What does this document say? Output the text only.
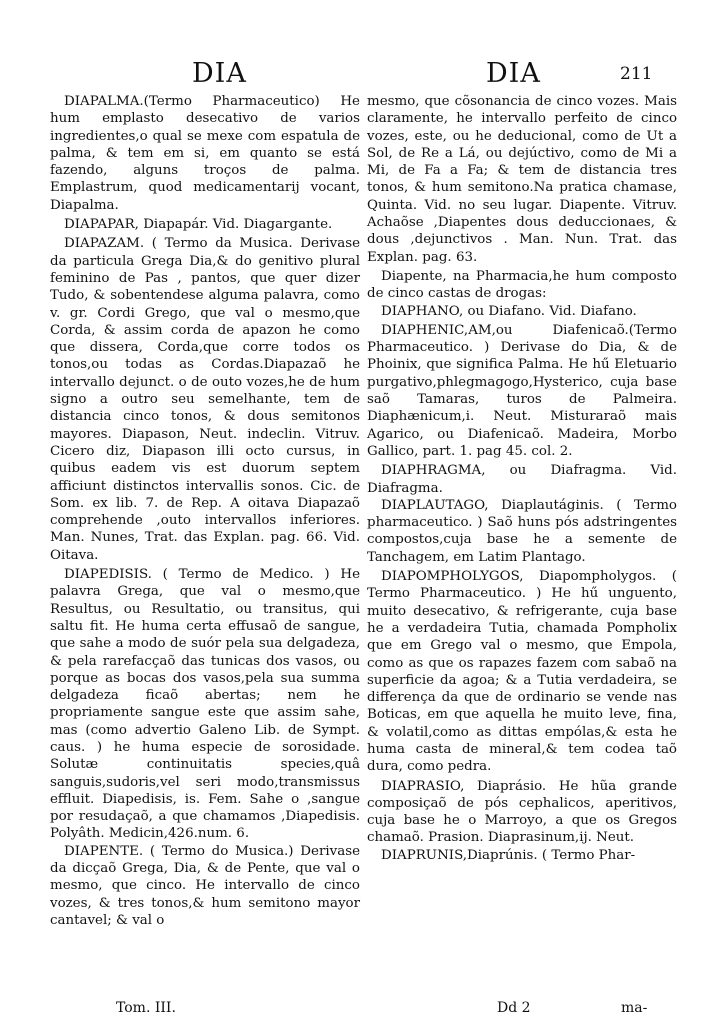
DIA	DIA	211

DIAPALMA.(Termo Pharmaceutico) He hum emplasto desecativo de varios ingredientes,o qual se mexe com espatula de palma, & tem em si, em quanto se está fazendo, alguns troços de palma. Emplastrum, quod medicamentarij vocant, Diapalma.

DIAPAPAR, Diapapár. Vid. Diagargante.

DIAPAZAM. ( Termo da Musica. Derivase da particula Grega Dia,& do genitivo plural feminino de Pas , pantos, que quer dizer Tudo, & sobentendese alguma palavra, como v. gr. Cordi Grego, que val o mesmo,que Corda, & assim corda de apazon he como que dissera, Corda,que corre todos os tonos,ou todas as Cordas.Diapazaõ he intervallo dejunct. o de outo vozes,he de hum signo a outro seu semelhante, tem de distancia cinco tonos, & dous semitonos mayores. Diapason, Neut. indeclin. Vitruv. Cicero diz, Diapason illi octo cursus, in quibus eadem vis est duorum septem afficiunt distinctos intervallis sonos. Cic. de Som. ex lib. 7. de Rep. A oitava Diapazaõ comprehende ,outo intervallos inferiores. Man. Nunes, Trat. das Explan. pag. 66. Vid. Oitava.

DIAPEDISIS. ( Termo de Medico. ) He palavra Grega, que val o mesmo,que Resultus, ou Resultatio, ou transitus, qui saltu fit. He huma certa effusaõ de sangue, que sahe a modo de suór pela sua delgadeza, & pela rarefacçaõ das tunicas dos vasos, ou porque as bocas dos vasos,pela sua summa delgadeza ficaõ abertas; nem he propriamente sangue este que assim sahe, mas (como advertio Galeno Lib. de Sympt. caus. ) he huma especie de sorosidade. Solutæ continuitatis species,quâ sanguis,sudoris,vel seri modo,transmissus effluit. Diapedisis, is. Fem. Sahe o ,sangue por resudaçaõ, a que chamamos ,Diapedisis. Polyâth. Medicin,426.num. 6.

DIAPENTE. ( Termo do Musica.) Derivase da dicçaõ Grega, Dia, & de Pente, que val o mesmo, que cinco. He intervallo de cinco vozes, & tres tonos,& hum semitono mayor cantavel; & val o

mesmo, que cõsonancia de cinco vozes. Mais claramente, he intervallo perfeito de cinco vozes, este, ou he deducional, como de Ut a Sol, de Re a Lá, ou dejúctivo, como de Mi a Mi, de Fa a Fa; & tem de distancia tres tonos, & hum semitono.Na pratica chamase, Quinta. Vid. no seu lugar. Diapente. Vitruv. Achaõse ,Diapentes dous deduccionaes, & dous ,dejunctivos . Man. Nun. Trat. das Explan. pag. 63.

Diapente, na Pharmacia,he hum composto de cinco castas de drogas:

DIAPHANO, ou Diafano. Vid. Diafano.

DIAPHENIC,AM,ou Diafenicaõ.(Termo Pharmaceutico. ) Derivase do Dia, & de Phoinix, que significa Palma. He hű Eletuario purgativo,phlegmagogo,Hysterico, cuja base saõ Tamaras, turos de Palmeira. Diaphænicum,i. Neut. Misturaraõ mais Agarico, ou Diafenicaõ. Madeira, Morbo Gallico, part. 1. pag 45. col. 2.

DIAPHRAGMA, ou Diafragma. Vid. Diafragma.

DIAPLAUTAGO, Diaplautáginis. ( Termo pharmaceutico. ) Saõ huns pós adstringentes compostos,cuja base he a semente de Tanchagem, em Latim Plantago.

DIAPOMPHOLYGOS, Diapompholygos. ( Termo Pharmaceutico. ) He hű unguento, muito desecativo, & refrigerante, cuja base he a verdadeira Tutia, chamada Pompholix que em Grego val o mesmo, que Empola, como as que os rapazes fazem com sabaõ na superficie da agoa; & a Tutia verdadeira, se differença da que de ordinario se vende nas Boticas, em que aquella he muito leve, fina, & volatil,como as dittas empólas,& esta he huma casta de mineral,& tem codea taõ dura, como pedra.

DIAPRASIO, Diaprásio. He hũa grande composiçaõ de pós cephalicos, aperitivos, cuja base he o Marroyo, a que os Gregos chamaõ. Prasion. Diaprasinum,ij. Neut.

DIAPRUNIS,Diaprúnis. ( Termo Phar-

Tom. III.	Dd 2	ma-
